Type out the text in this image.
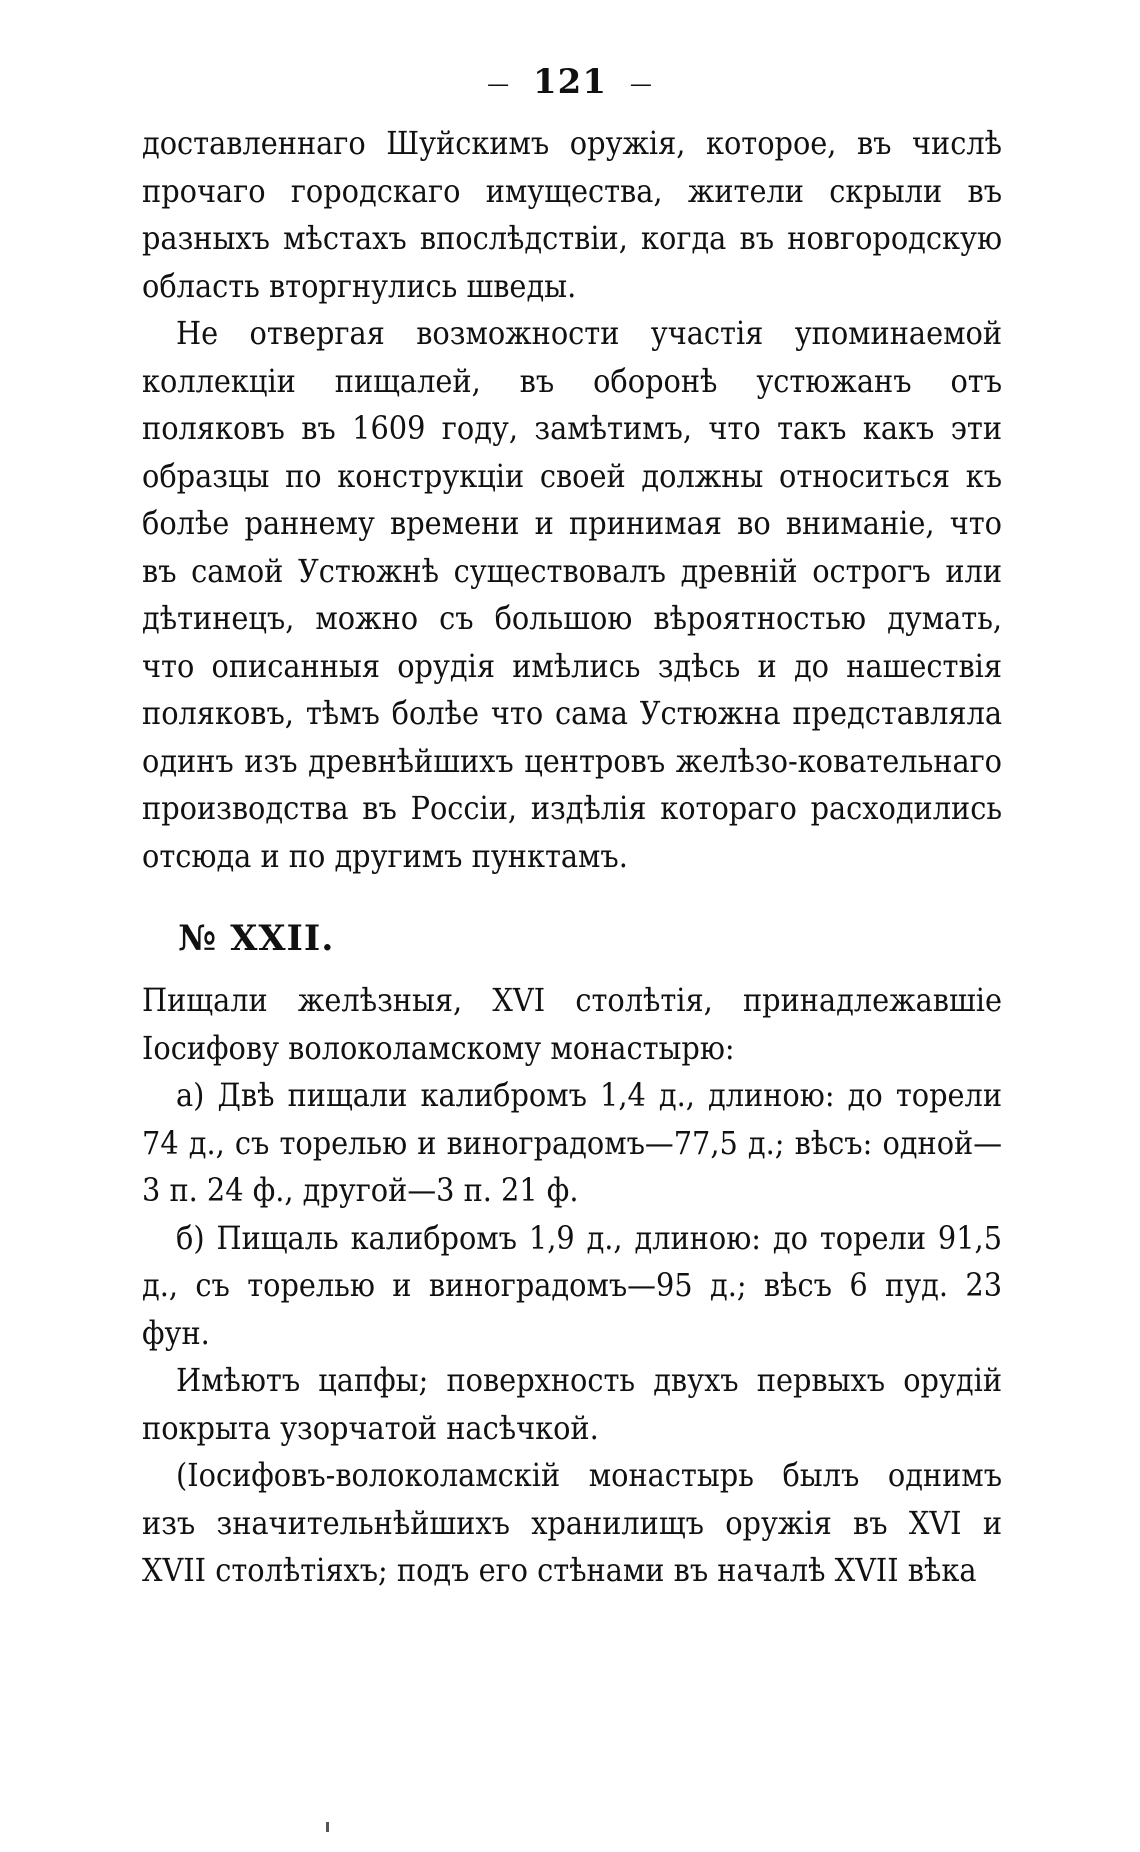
— 121 —

доставленнаго Шуйскимъ оружія, которое, въ числѣ прочаго городскаго имущества, жители скрыли въ разныхъ мѣстахъ впослѣдствіи, когда въ новгородскую область вторгнулись шведы.

Не отвергая возможности участія упоминаемой коллекціи пищалей, въ оборонѣ устюжанъ отъ поляковъ въ 1609 году, замѣтимъ, что такъ какъ эти образцы по конструкціи своей должны относиться къ болѣе раннему времени и принимая во вниманіе, что въ самой Устюжнѣ существовалъ древній острогъ или дѣтинецъ, можно съ большою вѣроятностью думать, что описанныя орудія имѣлись здѣсь и до нашествія поляковъ, тѣмъ болѣе что сама Устюжна представляла одинъ изъ древнѣйшихъ центровъ желѣзо-ковательнаго производства въ Россіи, издѣлія котораго расходились отсюда и по другимъ пунктамъ.

№ XXII.

Пищали желѣзныя, XVI столѣтія, принадлежавшіе Іосифову волоколамскому монастырю:

а) Двѣ пищали калибромъ 1,4 д., длиною: до торели 74 д., съ торелью и виноградомъ—77,5 д.; вѣсъ: одной—3 п. 24 ф., другой—3 п. 21 ф.

б) Пищаль калибромъ 1,9 д., длиною: до торели 91,5 д., съ торелью и виноградомъ—95 д.; вѣсъ 6 пуд. 23 фун.

Имѣютъ цапфы; поверхность двухъ первыхъ орудій покрыта узорчатой насѣчкой.

(Іосифовъ-волоколамскій монастырь былъ однимъ изъ значительнѣйшихъ хранилищъ оружія въ XVI и XVII столѣтіяхъ; подъ его стѣнами въ началѣ XVII вѣка
